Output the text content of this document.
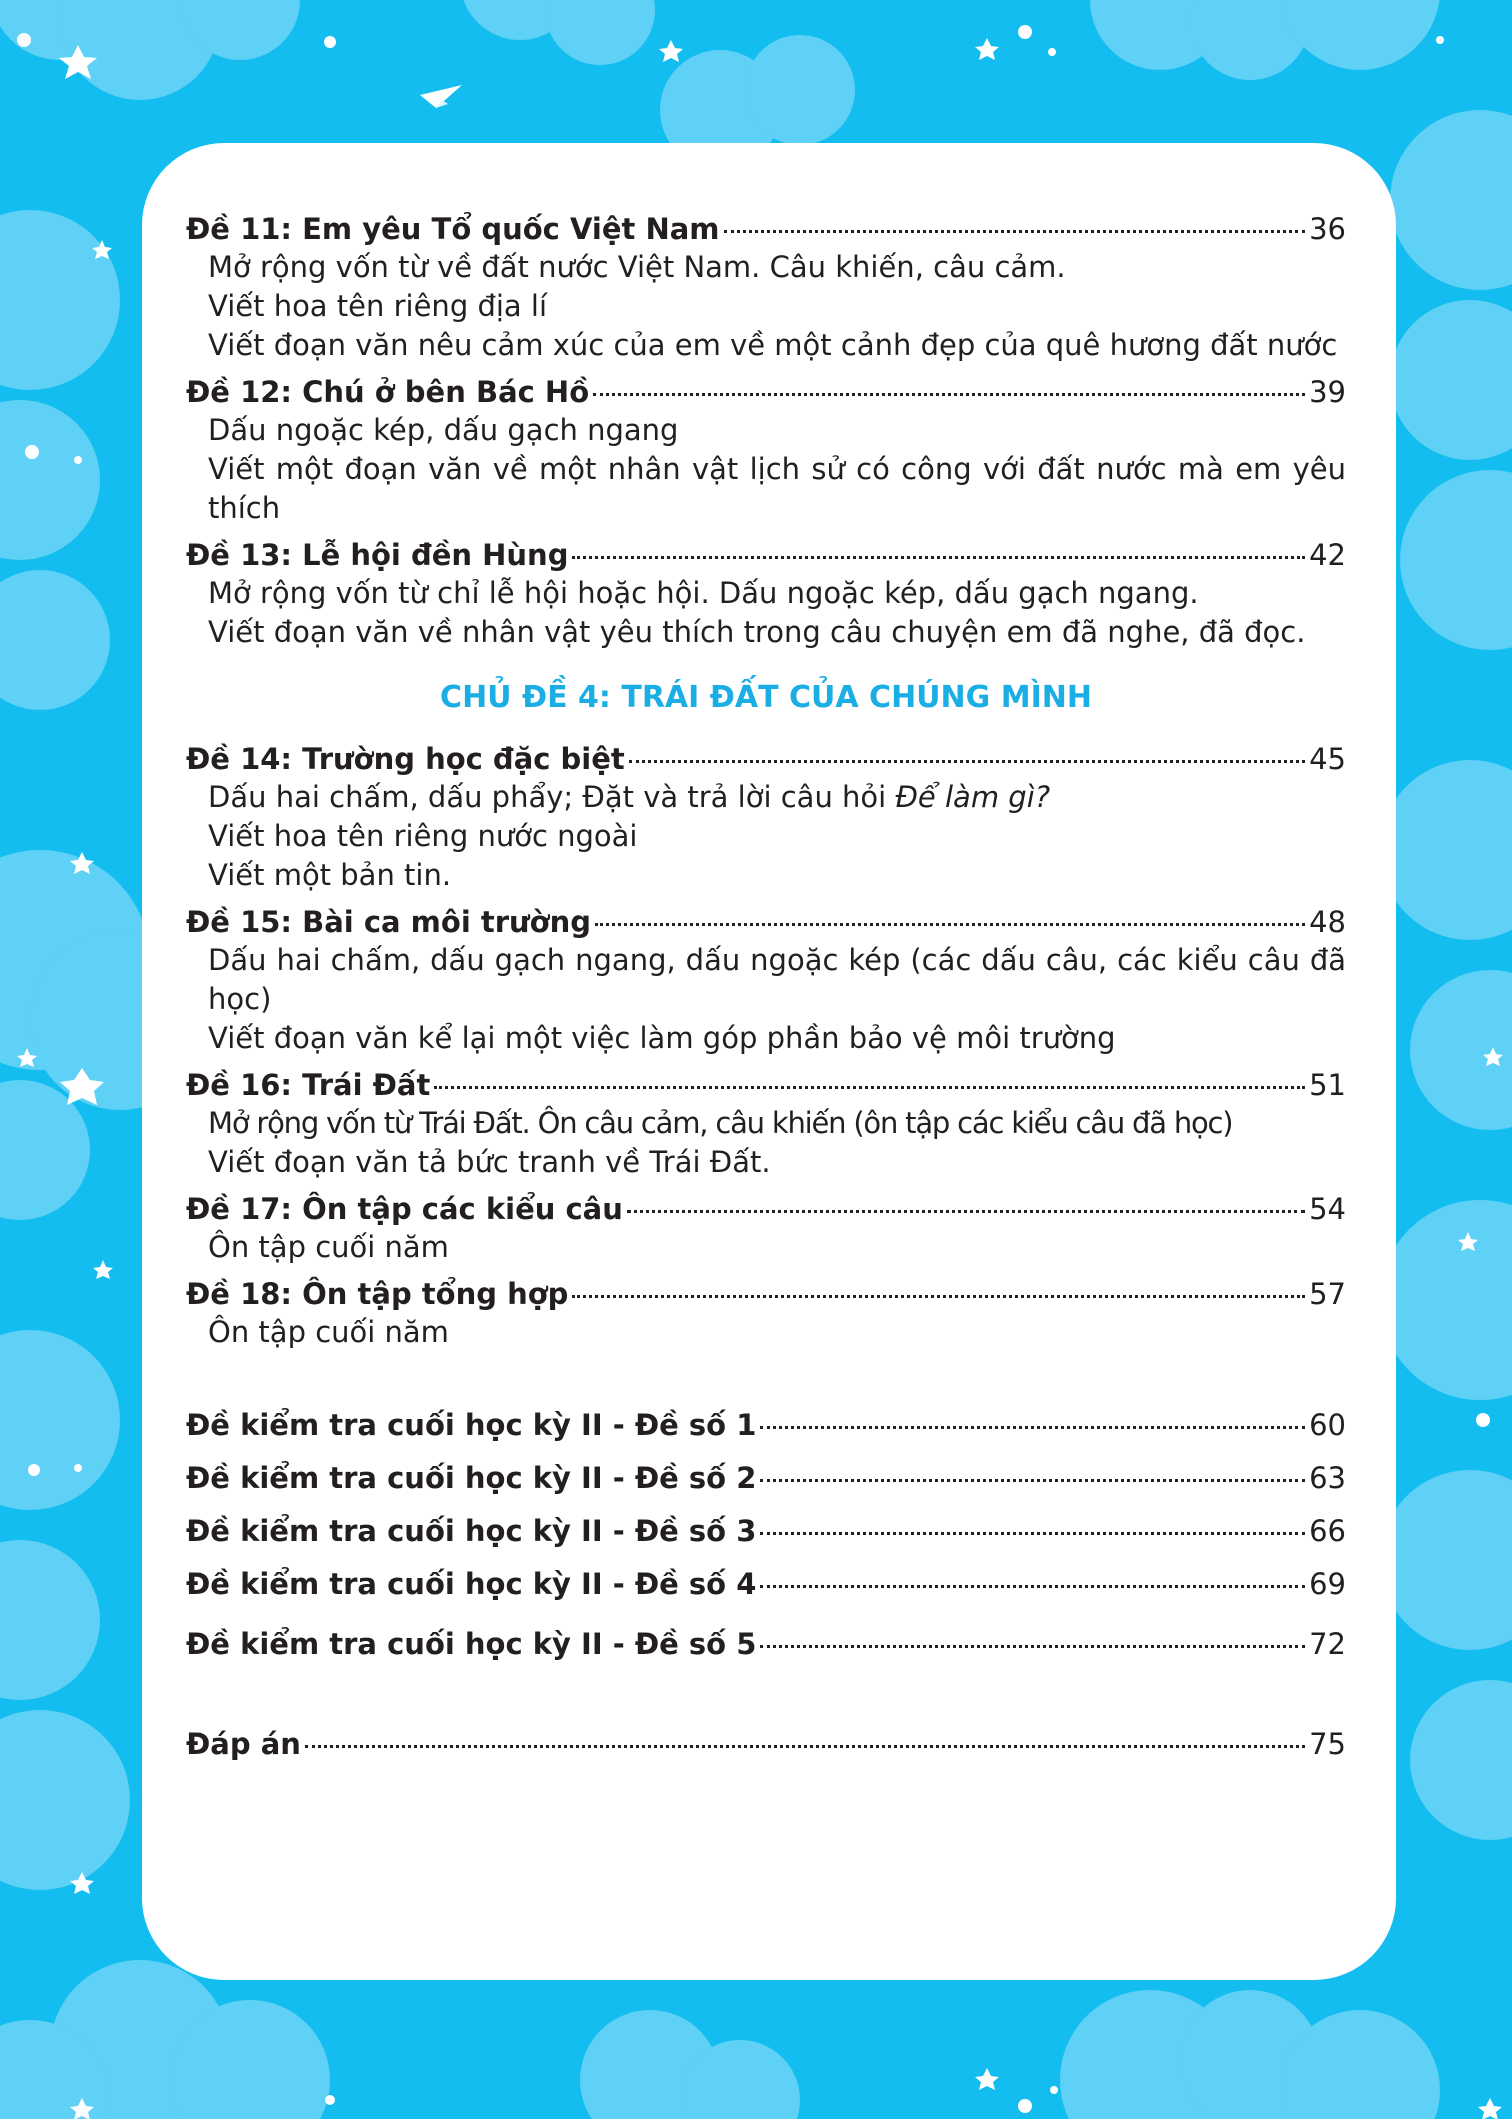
Đề 11: Em yêu Tổ quốc Việt Nam	36
Mở rộng vốn từ về đất nước Việt Nam. Câu khiến, câu cảm.
Viết hoa tên riêng địa lí
Viết đoạn văn nêu cảm xúc của em về một cảnh đẹp của quê hương đất nước
Đề 12: Chú ở bên Bác Hồ	39
Dấu ngoặc kép, dấu gạch ngang
Viết một đoạn văn về một nhân vật lịch sử có công với đất nước mà em yêu thích
Đề 13: Lễ hội đền Hùng	42
Mở rộng vốn từ chỉ lễ hội hoặc hội. Dấu ngoặc kép, dấu gạch ngang.
Viết đoạn văn về nhân vật yêu thích trong câu chuyện em đã nghe, đã đọc.
CHỦ ĐỀ 4: TRÁI ĐẤT CỦA CHÚNG MÌNH
Đề 14: Trường học đặc biệt	45
Dấu hai chấm, dấu phẩy; Đặt và trả lời câu hỏi Để làm gì?
Viết hoa tên riêng nước ngoài
Viết một bản tin.
Đề 15: Bài ca môi trường	48
Dấu hai chấm, dấu gạch ngang, dấu ngoặc kép (các dấu câu, các kiểu câu đã học)
Viết đoạn văn kể lại một việc làm góp phần bảo vệ môi trường
Đề 16: Trái Đất	51
Mở rộng vốn từ Trái Đất. Ôn câu cảm, câu khiến (ôn tập các kiểu câu đã học)
Viết đoạn văn tả bức tranh về Trái Đất.
Đề 17: Ôn tập các kiểu câu	54
Ôn tập cuối năm
Đề 18: Ôn tập tổng hợp	57
Ôn tập cuối năm
Đề kiểm tra cuối học kỳ II - Đề số 1	60
Đề kiểm tra cuối học kỳ II - Đề số 2	63
Đề kiểm tra cuối học kỳ II - Đề số 3	66
Đề kiểm tra cuối học kỳ II - Đề số 4	69
Đề kiểm tra cuối học kỳ II - Đề số 5	72
Đáp án	75
